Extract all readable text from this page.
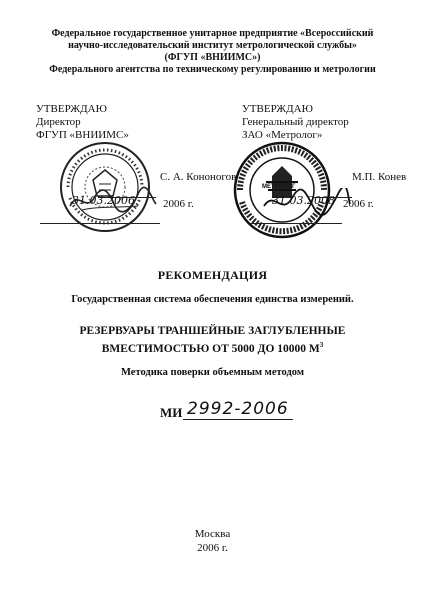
Федеральное государственное унитарное предприятие «Всероссийский
научно-исследовательский институт метрологической службы»
(ФГУП «ВНИИМС»)
Федерального агентства по техническому регулированию и метрологии
УТВЕРЖДАЮ
Директор
ФГУП «ВНИИМС»
С. А. Кононогов
31.03.2006	2006 г.
УТВЕРЖДАЮ
Генеральный директор
ЗАО «Метролог»
МЕТРОЛОГ
М.П. Конев
31.03.2008 2006 г.
РЕКОМЕНДАЦИЯ
Государственная система обеспечения единства измерений.
РЕЗЕРВУАРЫ ТРАНШЕЙНЫЕ ЗАГЛУБЛЕННЫЕ
ВМЕСТИМОСТЬЮ ОТ 5000 ДО 10000 $М^3$
Методика поверки объемным методом
МИ 2992-2006
Москва
2006 г.
